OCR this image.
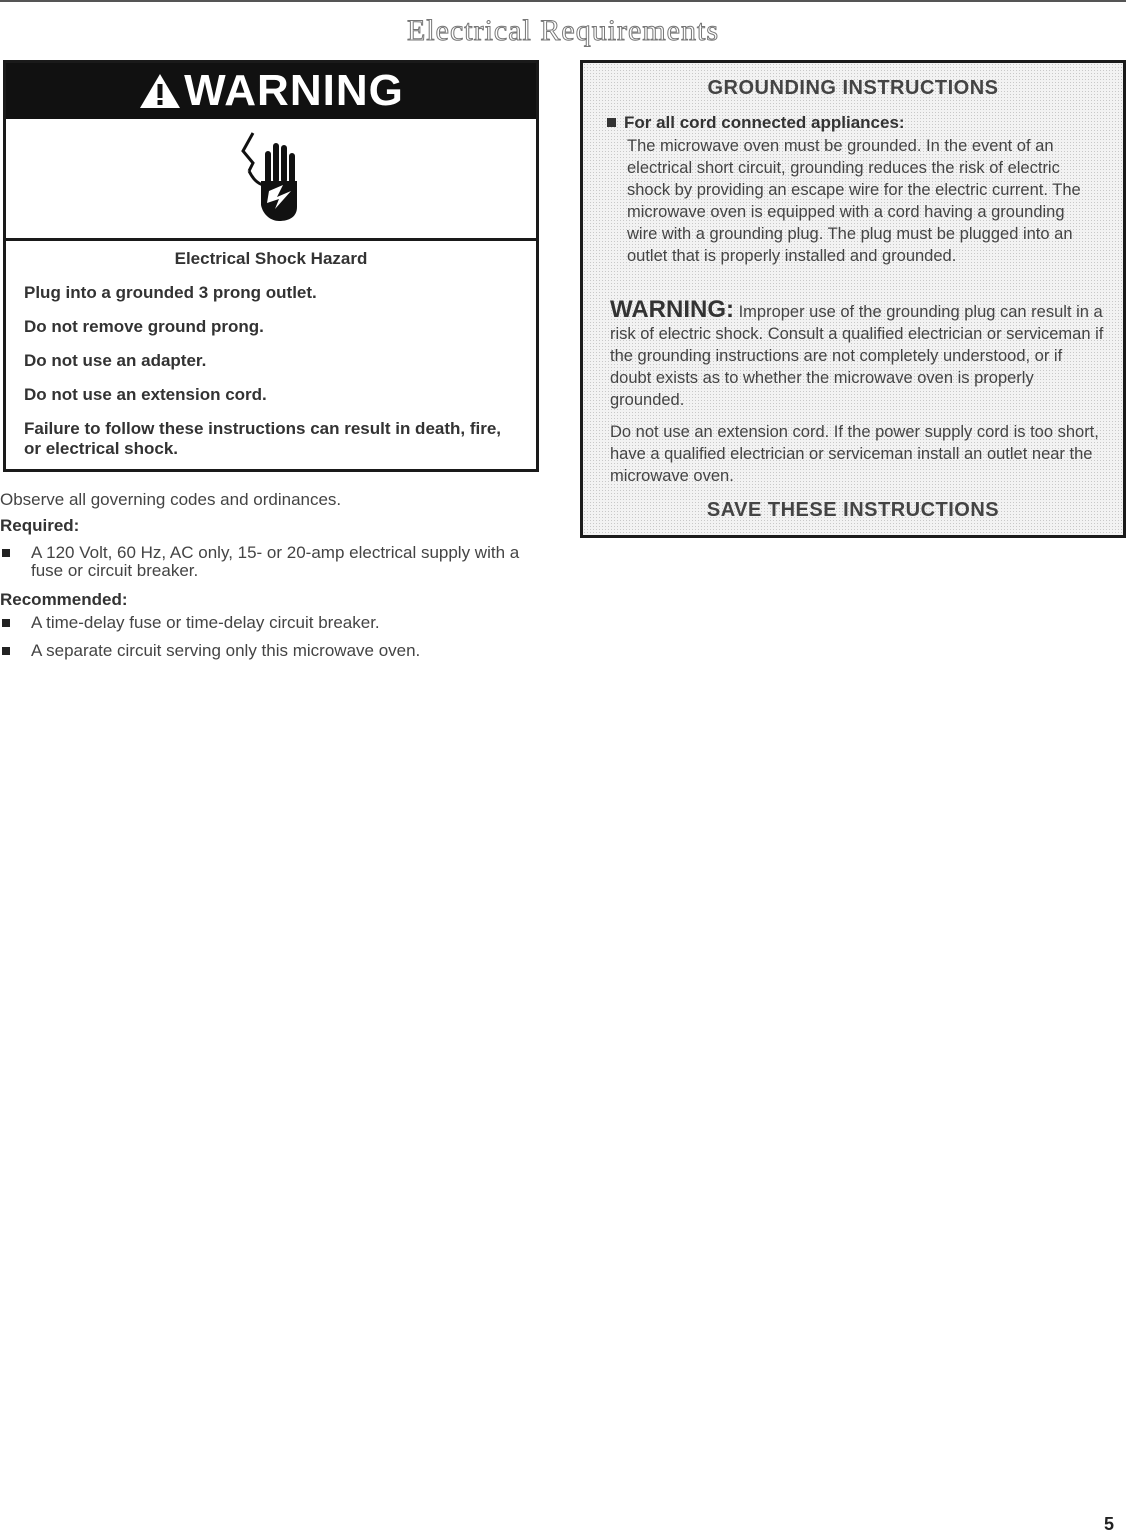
Electrical Requirements
WARNING

Electrical Shock Hazard

Plug into a grounded 3 prong outlet.

Do not remove ground prong.

Do not use an adapter.

Do not use an extension cord.

Failure to follow these instructions can result in death, fire, or electrical shock.

Observe all governing codes and ordinances.
Required:
A 120 Volt, 60 Hz, AC only, 15- or 20-amp electrical supply with a fuse or circuit breaker.
Recommended:
A time-delay fuse or time-delay circuit breaker.
A separate circuit serving only this microwave oven.
GROUNDING INSTRUCTIONS
For all cord connected appliances:
The microwave oven must be grounded. In the event of an electrical short circuit, grounding reduces the risk of electric shock by providing an escape wire for the electric current. The microwave oven is equipped with a cord having a grounding wire with a grounding plug. The plug must be plugged into an outlet that is properly installed and grounded.
WARNING: Improper use of the grounding plug can result in a risk of electric shock. Consult a qualified electrician or serviceman if the grounding instructions are not completely understood, or if doubt exists as to whether the microwave oven is properly grounded.
Do not use an extension cord. If the power supply cord is too short, have a qualified electrician or serviceman install an outlet near the microwave oven.
SAVE THESE INSTRUCTIONS
5
